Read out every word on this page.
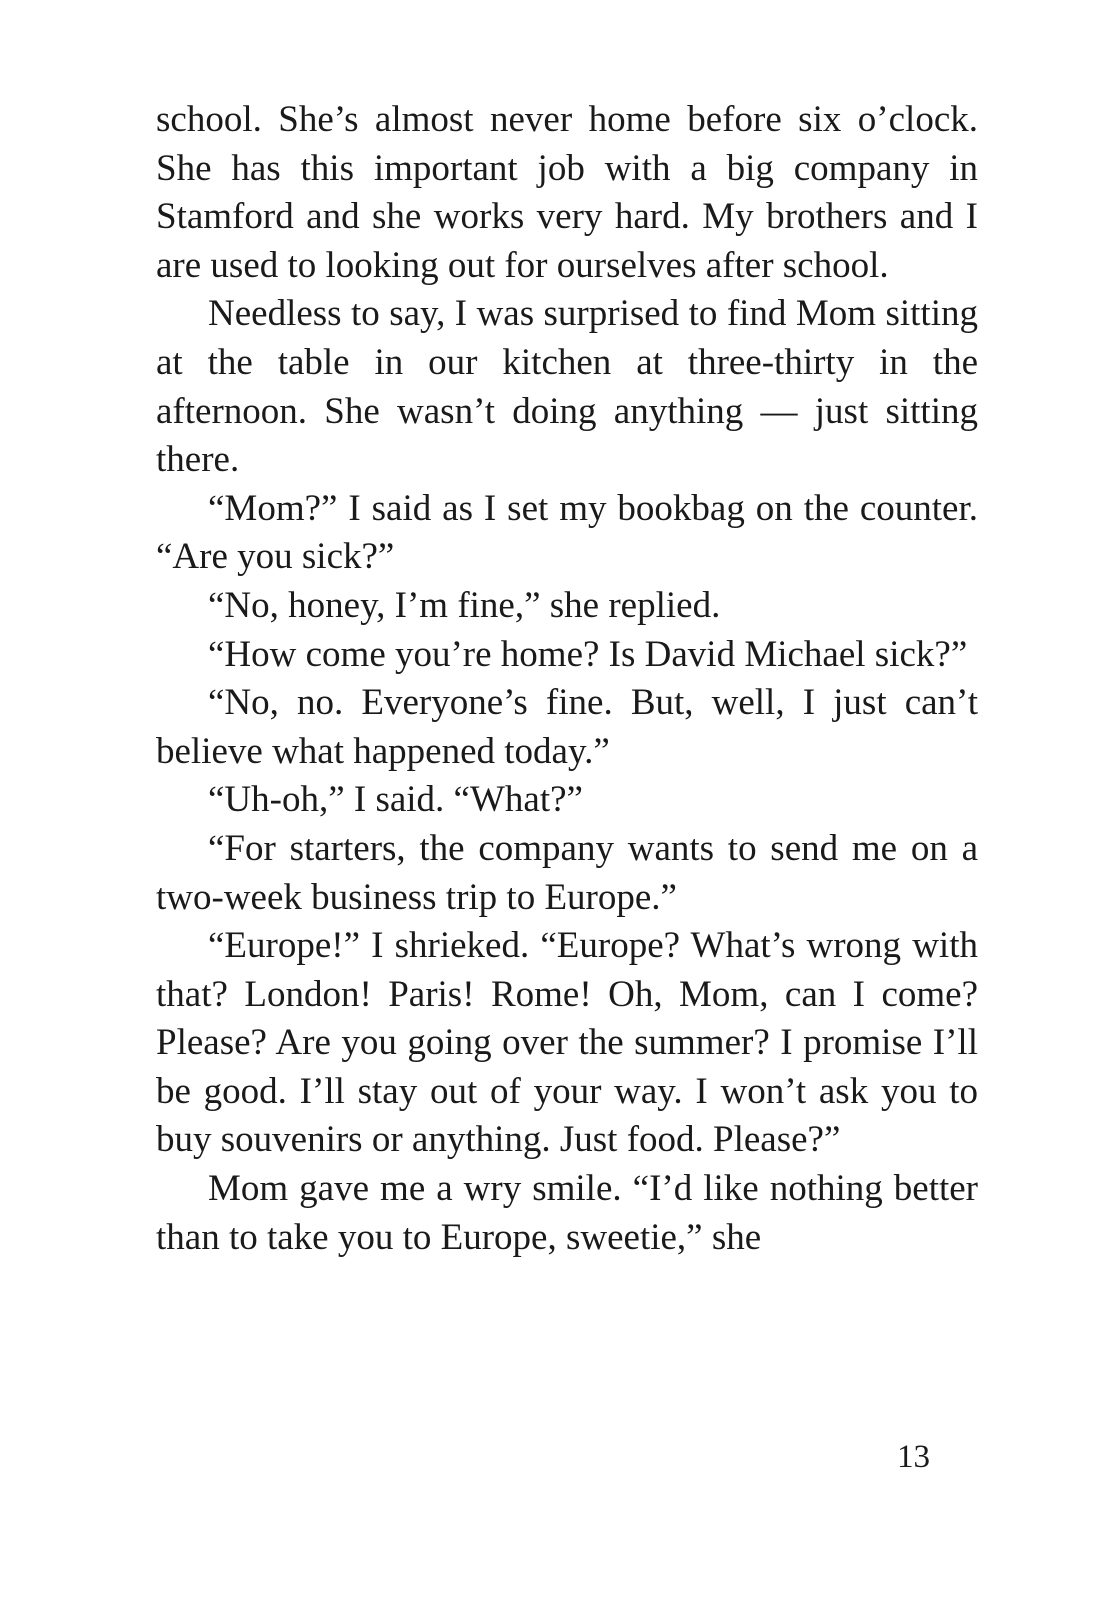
school. She’s almost never home before six o’clock. She has this important job with a big company in Stamford and she works very hard. My brothers and I are used to looking out for ourselves after school.

Needless to say, I was surprised to find Mom sitting at the table in our kitchen at three-thirty in the afternoon. She wasn’t doing anything — just sitting there.

“Mom?” I said as I set my bookbag on the counter. “Are you sick?”

“No, honey, I’m fine,” she replied.

“How come you’re home? Is David Michael sick?”

“No, no. Everyone’s fine. But, well, I just can’t believe what happened today.”

“Uh-oh,” I said. “What?”

“For starters, the company wants to send me on a two-week business trip to Europe.”

“Europe!” I shrieked. “Europe? What’s wrong with that? London! Paris! Rome! Oh, Mom, can I come? Please? Are you going over the summer? I promise I’ll be good. I’ll stay out of your way. I won’t ask you to buy souvenirs or anything. Just food. Please?”

Mom gave me a wry smile. “I’d like nothing better than to take you to Europe, sweetie,” she

13
